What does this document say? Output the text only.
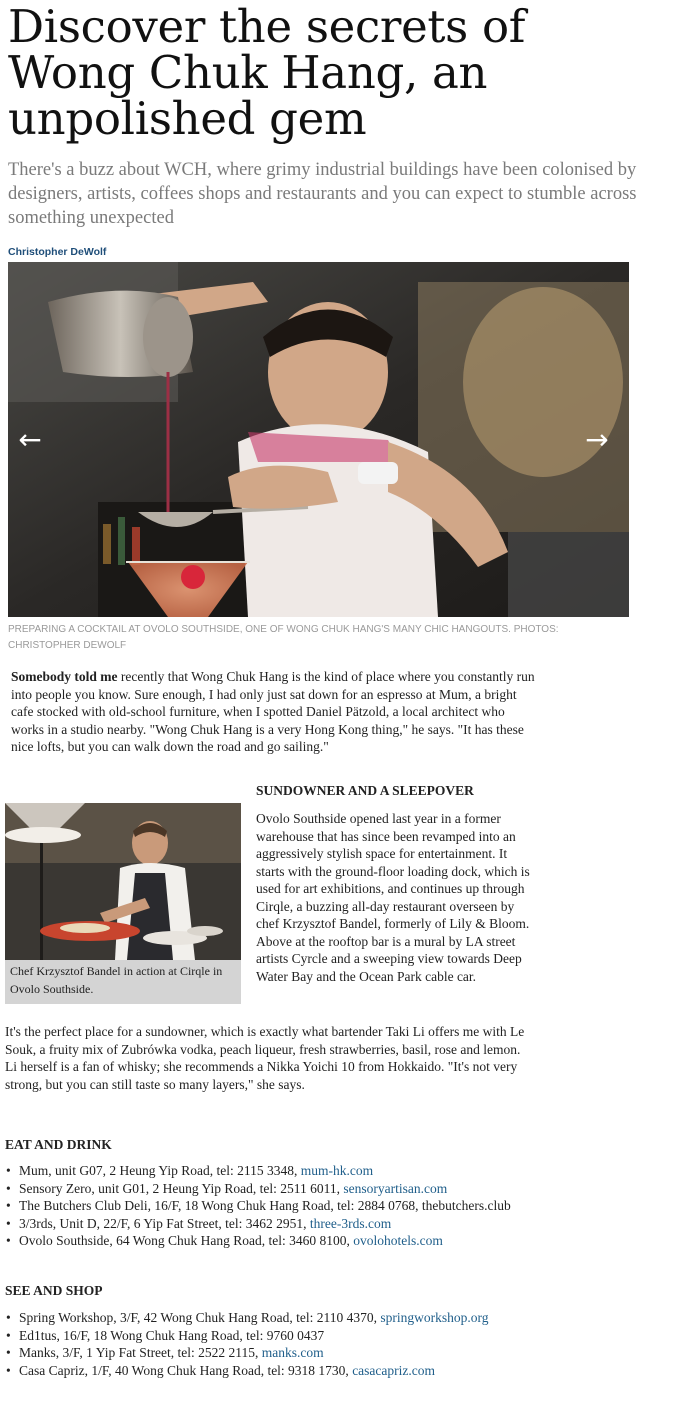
Discover the secrets of Wong Chuk Hang, an unpolished gem

There's a buzz about WCH, where grimy industrial buildings have been colonised by designers, artists, coffees shops and restaurants and you can expect to stumble across something unexpected

Christopher DeWolf
←	→
PREPARING A COCKTAIL AT OVOLO SOUTHSIDE, ONE OF WONG CHUK HANG'S MANY CHIC HANGOUTS. PHOTOS: CHRISTOPHER DEWOLF

Somebody told me recently that Wong Chuk Hang is the kind of place where you constantly run into people you know. Sure enough, I had only just sat down for an espresso at Mum, a bright cafe stocked with old-school furniture, when I spotted Daniel Pätzold, a local architect who works in a studio nearby. "Wong Chuk Hang is a very Hong Kong thing," he says. "It has these nice lofts, but you can walk down the road and go sailing."

SUNDOWNER AND A SLEEPOVER

Chef Krzysztof Bandel in action at Cirqle in Ovolo Southside.

Ovolo Southside opened last year in a former warehouse that has since been revamped into an aggressively stylish space for entertainment. It starts with the ground-floor loading dock, which is used for art exhibitions, and continues up through Cirqle, a buzzing all-day restaurant overseen by chef Krzysztof Bandel, formerly of Lily & Bloom. Above at the rooftop bar is a mural by LA street artists Cyrcle and a sweeping view towards Deep Water Bay and the Ocean Park cable car.

It's the perfect place for a sundowner, which is exactly what bartender Taki Li offers me with Le Souk, a fruity mix of Zubrówka vodka, peach liqueur, fresh strawberries, basil, rose and lemon. Li herself is a fan of whisky; she recommends a Nikka Yoichi 10 from Hokkaido. "It's not very strong, but you can still taste so many layers," she says.

EAT AND DRINK
• Mum, unit G07, 2 Heung Yip Road, tel: 2115 3348, mum-hk.com
• Sensory Zero, unit G01, 2 Heung Yip Road, tel: 2511 6011, sensoryartisan.com
• The Butchers Club Deli, 16/F, 18 Wong Chuk Hang Road, tel: 2884 0768, thebutchers.club
• 3/3rds, Unit D, 22/F, 6 Yip Fat Street, tel: 3462 2951, three-3rds.com
• Ovolo Southside, 64 Wong Chuk Hang Road, tel: 3460 8100, ovolohotels.com
SEE AND SHOP
• Spring Workshop, 3/F, 42 Wong Chuk Hang Road, tel: 2110 4370, springworkshop.org
• Ed1tus, 16/F, 18 Wong Chuk Hang Road, tel: 9760 0437
• Manks, 3/F, 1 Yip Fat Street, tel: 2522 2115, manks.com
• Casa Capriz, 1/F, 40 Wong Chuk Hang Road, tel: 9318 1730, casacapriz.com
